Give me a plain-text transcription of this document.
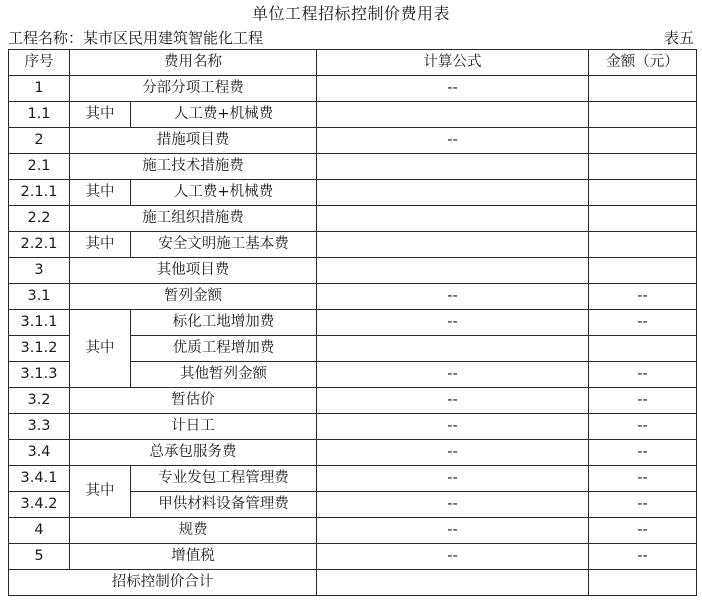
单位工程招标控制价费用表
工程名称：某市区民用建筑智能化工程	表五
序号	费用名称		计算公式	金额（元）
1	分部分项工程费		--	
1.1	其中	人工费+机械费		
2	措施项目费		--	
2.1	施工技术措施费			
2.1.1	其中	人工费+机械费		
2.2	施工组织措施费			
2.2.1	其中	安全文明施工基本费		
3	其他项目费			
3.1	暂列金额		--	--
3.1.1	其中	标化工地增加费	--	--
3.1.2		优质工程增加费		
3.1.3		其他暂列金额	--	--
3.2	暂估价		--	--
3.3	计日工		--	--
3.4	总承包服务费		--	--
3.4.1	其中	专业发包工程管理费	--	--
3.4.2		甲供材料设备管理费	--	--
4	规费		--	--
5	增值税		--	--
招标控制价合计				
